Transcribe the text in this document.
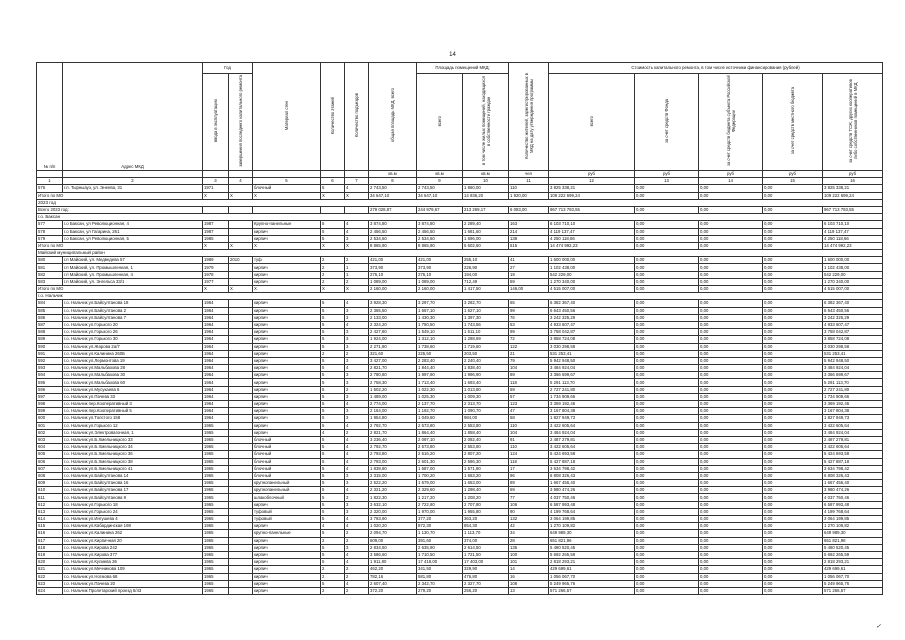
14
№ п/п	Адрес МКД	Год		Материал стен	Количество этажей	Количество подъездов	общая площадь МКД, всего	Площадь помещений МКД:		Количество жителей, зарегистрированных в МКД на дату утверждения программы	Стоимость капитального ремонта, в том числе источники финансирования (рублей)				
		ввода в эксплуатацию	завершения последнего капитального ремонта					всего	в том числе жилых помещений, находящихся в собственности граждан		всего	за счет средств Фонда	за счет средств бюджета субъекта Российской Федерации	за счет средств местного бюджета	за счет средств ТСЖ, других кооперативов либо собственников помещений в МКД
							кв.м	кв.м	кв.м	чел	руб	руб	руб	руб	руб
1	2	3	4	5	6	7	8	9	10	11	12	13	14	15	16
576	г.п. Тырныауз, ул. Энеева, 31	1971		блочный	5	4	2 743,50	2 743,50	1 860,00	110	3 825 338,21	0,00	0,00	0,00	3 825 338,21
Итого по МО		X	X	X	X	X	34 647,10	34 647,10	14 936,20	1 920,00	109 222 699,24	0,00	0,00	0,00	109 222 699,24
2023 год															
Всего 2023 год:							279 028,87	244 979,67	213 269,17	6 083,00	967 713 793,55	0,00	0,00	0,00	967 713 793,55
г.о. Баксан															
577	г.о Баксан, ул Революционная, 4	1987		Крупно-панельные	5	4	3 874,80	3 874,80	2 289,40	163	6 103 710,10	0,00	0,00	0,00	6 103 710,10
578	г.о Баксан, ул Гагарина, 261	1987		кирпич	5	4	2 456,50	2 456,50	1 681,60	214	4 119 137,47	0,00	0,00	0,00	4 119 137,47
579	г.о Баксан, ул Революционная, 5	1985		кирпич	5	3	2 534,60	2 534,60	1 696,00	138	4 250 118,66	0,00	0,00	0,00	4 250 118,66
Итого по МО		X	X	X	X	X	8 865,90	8 865,90	5 602,60	515	14 474 992,23	0,00	0,00	0,00	14 474 992,23
Майский муниципальный район															
580	г.п Майский, ул. Медведева 57	1989	2010	туф	2	2	421,00	421,00	255,10	41	1 600 000,00	0,00	0,00	0,00	1 600 000,00
581	г.п Майский, ул. Промышленная, 1	1979		кирпич	2	1	373,90	373,90	226,90	27	1 102 438,00	0,00	0,00	0,00	1 102 438,00
582	г.п Майский, ул. Промышленная, 4	1978		кирпич	2	1	276,10	276,10	194,00	19	542 229,00	0,00	0,00	0,00	542 229,00
583	г.п Майский, ул. Энгельса 33/1	1977		кирпич	2	2	1 089,00	1 089,00	712,49	59	1 270 340,00	0,00	0,00	0,00	1 270 340,00
Итого по МО		X	X	X	X	X	2 160,00	2 160,00	1 417,50	146,00	4 515 007,00	0,00	0,00	0,00	4 515 007,00
г.о. Нальчик															
584	г.о. Нальчик ул.Байсултанова 18	1964		кирпич	5	4	3 928,30	3 297,70	3 282,70	65	6 382 367,40	0,00	0,00	0,00	6 382 367,40
585	г.о. Нальчик ул.Байсултанова 2	1964		кирпич	5	3	2 365,50	1 667,10	1 627,10	99	6 643 450,56	0,00	0,00	0,00	6 643 450,56
586	г.о. Нальчик ул.Байсултанова 7	1964		кирпич	5	3	2 133,00	1 430,30	1 397,30	76	3 242 325,29	0,00	0,00	0,00	3 242 325,29
587	г.о. Нальчик ул.Горького 20	1964		кирпич	5	4	2 324,20	1 750,50	1 743,56	53	4 933 607,47	0,00	0,00	0,00	4 933 607,47
588	г.о. Нальчик ул.Горького 26	1964		кирпич	5	3	2 427,80	1 549,10	1 511,10	99	3 758 042,87	0,00	0,00	0,00	3 758 042,87
589	г.о. Нальчик ул.Горького 30	1964		кирпич	5	3	1 924,00	1 312,10	1 288,69	72	3 858 724,08	0,00	0,00	0,00	3 858 724,08
590	г.о. Нальчик ул.Жарова 2а/7	1964		кирпич	5	3	2 271,80	1 738,60	1 719,60	122	3 030 298,58	0,00	0,00	0,00	3 030 298,58
591	г.о. Нальчик ул.Калинина 260Б	1964		кирпич	2	2	321,60	225,50	203,50	21	531 253,41	0,00	0,00	0,00	531 253,41
592	г.о. Нальчик ул.Лермонтова 19	1964		кирпич	5	3	3 427,00	2 283,40	2 240,40	79	5 942 948,50	0,00	0,00	0,00	5 942 948,50
593	г.о. Нальчик ул.Мальбахова 28	1964		кирпич	5	4	2 821,70	1 844,40	1 838,40	104	3 484 924,04	0,00	0,00	0,00	3 484 924,04
594	г.о. Нальчик ул.Мальбахова 30	1964		кирпич	5	3	2 780,80	1 997,90	1 996,90	89	3 366 699,67	0,00	0,00	0,00	3 366 699,67
595	г.о. Нальчик ул.Мальбахова 60	1964		кирпич	5	3	2 758,30	1 713,40	1 693,40	118	5 291 113,70	0,00	0,00	0,00	5 291 113,70
596	г.о. Нальчик ул.Мусукаева 6	1964		кирпич	5	2	1 502,20	1 022,30	1 013,80	59	2 727 241,80	0,00	0,00	0,00	2 727 241,80
597	г.о. Нальчик ул.Пачева 33	1964		кирпич	5	3	1 489,00	1 025,30	1 009,30	57	1 734 909,66	0,00	0,00	0,00	1 734 909,66
598	г.о. Нальчик пер.Кооперативный 3	1964		кирпич	5	4	2 774,00	2 137,70	2 313,70	123	3 369 192,46	0,00	0,00	0,00	3 369 192,46
599	г.о. Нальчик пер.Кооперативный 5	1964		кирпич	5	3	2 164,00	1 192,70	1 090,70	47	3 167 804,38	0,00	0,00	0,00	3 167 804,38
600	г.о. Нальчик ул.Толстого 158	1964		кирпич	5	3	1 954,80	1 049,60	984,00	58	1 827 949,73	0,00	0,00	0,00	1 827 949,73
601	г.о. Нальчик ул.Горького 12	1965		кирпич	5	4	2 792,70	2 573,80	2 553,80	110	3 422 605,64	0,00	0,00	0,00	3 422 605,64
602	г.о. Нальчик ул.Электровагонная, 1	1965		кирпич	4	2	2 821,70	1 864,40	1 858,40	104	3 484 924,04	0,00	0,00	0,00	3 484 924,04
603	г.о. Нальчик ул.Б.Хмельницкого 33	1965		блочный	5	4	3 236,40	2 097,10	2 082,40	91	2 487 279,81	0,00	0,00	0,00	2 487 279,81
604	г.о. Нальчик ул.Б.Хмельницкого 34	1965		блочный	5	4	2 792,70	2 573,80	2 553,80	110	3 422 605,64	0,00	0,00	0,00	3 422 605,64
605	г.о. Нальчик ул.Б.Хмельницкого 36	1965		блочный	5	4	2 793,80	2 516,20	2 807,20	124	5 424 693,58	0,00	0,00	0,00	5 424 693,58
606	г.о. Нальчик ул.Б.Хмельницкого 38	1965		блочный	5	4	2 793,00	2 601,30	2 586,30	118	5 427 887,18	0,00	0,00	0,00	5 427 887,18
607	г.о. Нальчик ул.Б.Хмельницкого 41	1965		блочный	5	4	1 839,80	1 587,00	1 571,90	17	3 634 798,42	0,00	0,00	0,00	3 634 798,42
608	г.о. Нальчик ул.Байсултанова 14	1965		блочный	5	3	2 315,00	1 700,20	1 663,20	96	6 808 326,43	0,00	0,00	0,00	6 808 326,43
609	г.о. Нальчик ул.Байсултанова 16	1965		крупнопанельный	5	3	2 522,20	1 679,00	1 653,00	89	1 667 456,40	0,00	0,00	0,00	1 667 456,40
610	г.о. Нальчик ул.Байсултанова 17	1965		крупнопанельный	5	4	2 321,20	2 329,60	1 298,40	69	3 980 474,26	0,00	0,00	0,00	3 980 474,26
611	г.о. Нальчик ул.Байсултанова 9	1965		шлакоблочный	5	3	1 822,30	1 217,20	1 208,20	77	4 037 750,46	0,00	0,00	0,00	4 037 750,46
612	г.о. Нальчик ул.Горького 18	1965		кирпич	5	3	3 632,10	2 722,80	2 707,80	106	6 587 993,48	0,00	0,00	0,00	6 587 993,48
613	г.о. Нальчик ул.Горького 24	1965		туфовый	5	3	2 320,00	1 970,00	1 955,80	90	4 199 768,64	0,00	0,00	0,00	4 199 768,64
614	г.о. Нальчик ул.Ингушева 4	1965		туфовый	5	4	3 793,90	377,20	363,20	132	3 064 199,85	0,00	0,00	0,00	3 064 199,85
615	г.о. Нальчик ул.Кабардинская 198	1965		кирпич	4	4	1 020,20	872,30	854,30	42	1 270 109,82	0,00	0,00	0,00	1 270 109,82
616	г.о. Нальчик ул.Калинина 262	1965		крупно-панельные	5	2	2 094,70	1 130,70	1 113,70	34	649 989,30	0,00	0,00	0,00	649 989,30
617	г.о. Нальчик ул.Кирпичная 20	1965		кирпич	2	2	609,00	391,60	374,00	28	651 821,96	0,00	0,00	0,00	651 821,96
618	г.о. Нальчик ул.Кирова 242	1965		кирпич	5	3	2 834,50	2 635,90	2 614,50	135	5 480 520,45	0,00	0,00	0,00	5 480 520,45
619	г.о. Нальчик ул.Кирова 377	1965		кирпич	5	4	3 586,60	1 710,50	1 721,50	100	5 692 265,59	0,00	0,00	0,00	5 692 265,59
620	г.о. Нальчик ул.Кулиева 36	1965		кирпич	5	4	1 911,80	17 418,00	17 403,00	101	2 818 293,21	0,00	0,00	0,00	2 818 293,21
621	г.о. Нальчик ул.Мечникова 109	1965		кирпич	2	2	462,20	341,50	329,90	14	429 699,61	0,00	0,00	0,00	429 699,61
622	г.о. Нальчик ул.Ногмова 68	1965		кирпич	2	2	782,16	581,80	476,80	16	1 056 067,70	0,00	0,00	0,00	1 056 067,70
623	г.о. Нальчик ул.Пачева 20	1965		кирпич	5	4	2 607,40	2 342,70	2 327,70	108	5 249 965,76	0,00	0,00	0,00	5 249 965,76
624	г.о. Нальчик Пролетарский проезд 5/43	1965		кирпич	2	2	372,20	279,20	256,20	13	571 266,57	0,00	0,00	0,00	571 266,57
✓
